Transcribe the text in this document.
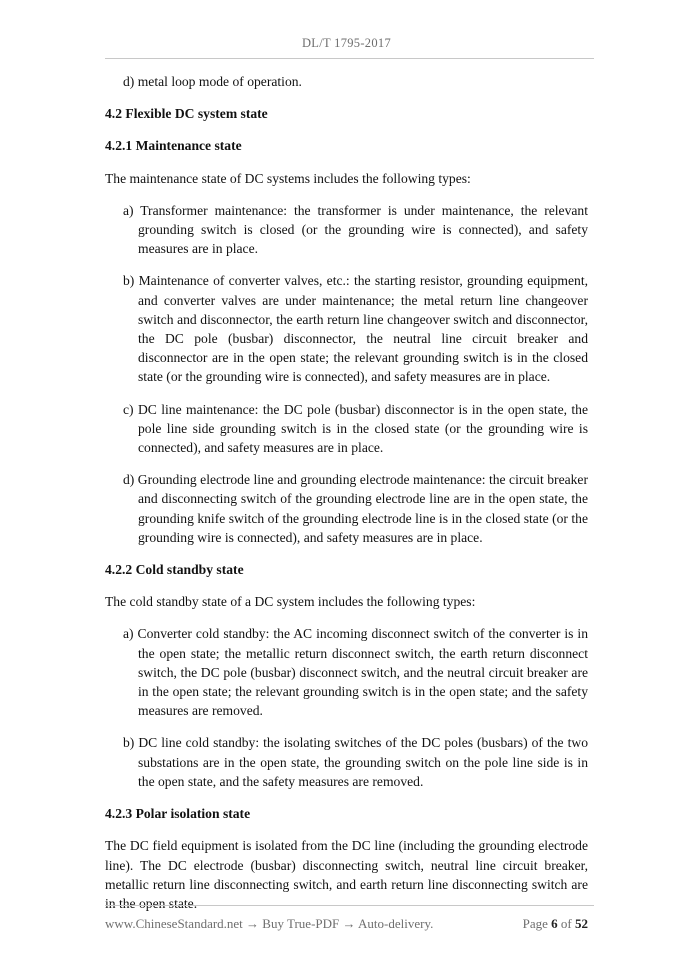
DL/T 1795-2017

d) metal loop mode of operation.

4.2 Flexible DC system state

4.2.1 Maintenance state

The maintenance state of DC systems includes the following types:

a) Transformer maintenance: the transformer is under maintenance, the relevant grounding switch is closed (or the grounding wire is connected), and safety measures are in place.

b) Maintenance of converter valves, etc.: the starting resistor, grounding equipment, and converter valves are under maintenance; the metal return line changeover switch and disconnector, the earth return line changeover switch and disconnector, the DC pole (busbar) disconnector, the neutral line circuit breaker and disconnector are in the open state; the relevant grounding switch is in the closed state (or the grounding wire is connected), and safety measures are in place.

c) DC line maintenance: the DC pole (busbar) disconnector is in the open state, the pole line side grounding switch is in the closed state (or the grounding wire is connected), and safety measures are in place.

d) Grounding electrode line and grounding electrode maintenance: the circuit breaker and disconnecting switch of the grounding electrode line are in the open state, the grounding knife switch of the grounding electrode line is in the closed state (or the grounding wire is connected), and safety measures are in place.

4.2.2 Cold standby state

The cold standby state of a DC system includes the following types:

a) Converter cold standby: the AC incoming disconnect switch of the converter is in the open state; the metallic return disconnect switch, the earth return disconnect switch, the DC pole (busbar) disconnect switch, and the neutral circuit breaker are in the open state; the relevant grounding switch is in the open state; and the safety measures are removed.

b) DC line cold standby: the isolating switches of the DC poles (busbars) of the two substations are in the open state, the grounding switch on the pole line side is in the open state, and the safety measures are removed.

4.2.3 Polar isolation state

The DC field equipment is isolated from the DC line (including the grounding electrode line). The DC electrode (busbar) disconnecting switch, neutral line circuit breaker, metallic return line disconnecting switch, and earth return line disconnecting switch are in the open state.

www.ChineseStandard.net → Buy True-PDF → Auto-delivery.	Page 6 of 52
